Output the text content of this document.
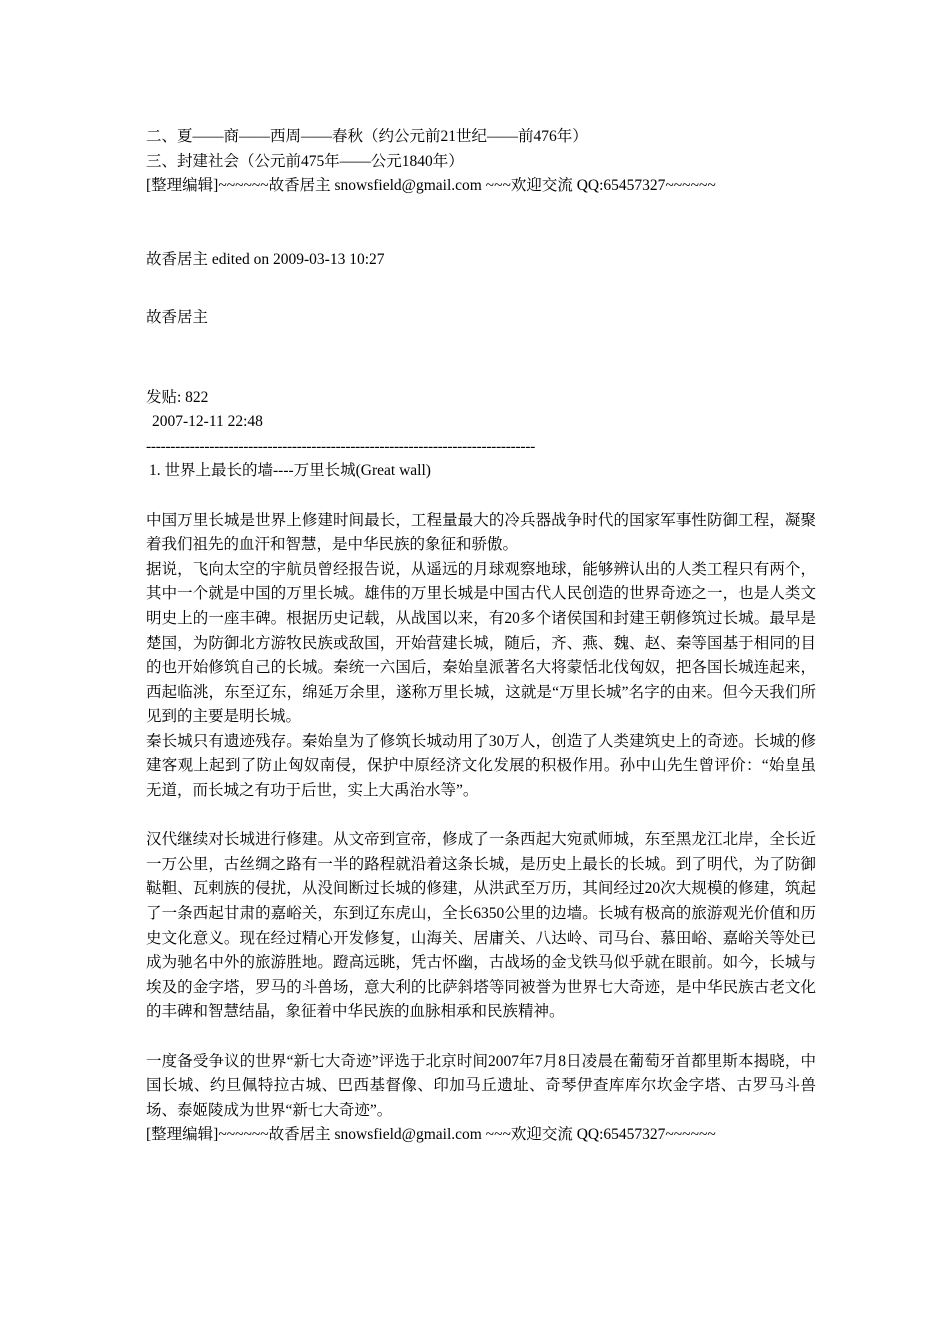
二、夏——商——西周——春秋（约公元前21世纪——前476年）
三、封建社会（公元前475年——公元1840年）
[整理编辑]~~~~~~故香居主 snowsfield@gmail.com ~~~欢迎交流 QQ:65457327~~~~~~
故香居主 edited on 2009-03-13 10:27
故香居主
发贴: 822
2007-12-11 22:48
--------------------------------------------------------------------------------
1. 世界上最长的墙----万里长城(Great wall)
中国万里长城是世界上修建时间最长，工程量最大的冷兵器战争时代的国家军事性防御工程，凝聚着我们祖先的血汗和智慧，是中华民族的象征和骄傲。
据说，飞向太空的宇航员曾经报告说，从遥远的月球观察地球，能够辨认出的人类工程只有两个，其中一个就是中国的万里长城。雄伟的万里长城是中国古代人民创造的世界奇迹之一，也是人类文明史上的一座丰碑。根据历史记载，从战国以来，有20多个诸侯国和封建王朝修筑过长城。最早是楚国，为防御北方游牧民族或敌国，开始营建长城，随后，齐、燕、魏、赵、秦等国基于相同的目的也开始修筑自己的长城。秦统一六国后，秦始皇派著名大将蒙恬北伐匈奴，把各国长城连起来，西起临洮，东至辽东，绵延万余里，遂称万里长城，这就是“万里长城”名字的由来。但今天我们所见到的主要是明长城。
秦长城只有遗迹残存。秦始皇为了修筑长城动用了30万人，创造了人类建筑史上的奇迹。长城的修建客观上起到了防止匈奴南侵，保护中原经济文化发展的积极作用。孙中山先生曾评价：“始皇虽无道，而长城之有功于后世，实上大禹治水等”。
汉代继续对长城进行修建。从文帝到宣帝，修成了一条西起大宛贰师城，东至黑龙江北岸，全长近一万公里，古丝绸之路有一半的路程就沿着这条长城，是历史上最长的长城。到了明代，为了防御鞑靼、瓦剌族的侵扰，从没间断过长城的修建，从洪武至万历，其间经过20次大规模的修建，筑起了一条西起甘肃的嘉峪关，东到辽东虎山，全长6350公里的边墙。长城有极高的旅游观光价值和历史文化意义。现在经过精心开发修复，山海关、居庸关、八达岭、司马台、慕田峪、嘉峪关等处已成为驰名中外的旅游胜地。蹬高远眺，凭古怀幽，古战场的金戈铁马似乎就在眼前。如今，长城与埃及的金字塔，罗马的斗兽场，意大利的比萨斜塔等同被誉为世界七大奇迹，是中华民族古老文化的丰碑和智慧结晶，象征着中华民族的血脉相承和民族精神。
一度备受争议的世界“新七大奇迹”评选于北京时间2007年7月8日凌晨在葡萄牙首都里斯本揭晓，中国长城、约旦佩特拉古城、巴西基督像、印加马丘遗址、奇琴伊查库库尔坎金字塔、古罗马斗兽场、泰姬陵成为世界“新七大奇迹”。
[整理编辑]~~~~~~故香居主 snowsfield@gmail.com ~~~欢迎交流 QQ:65457327~~~~~~
